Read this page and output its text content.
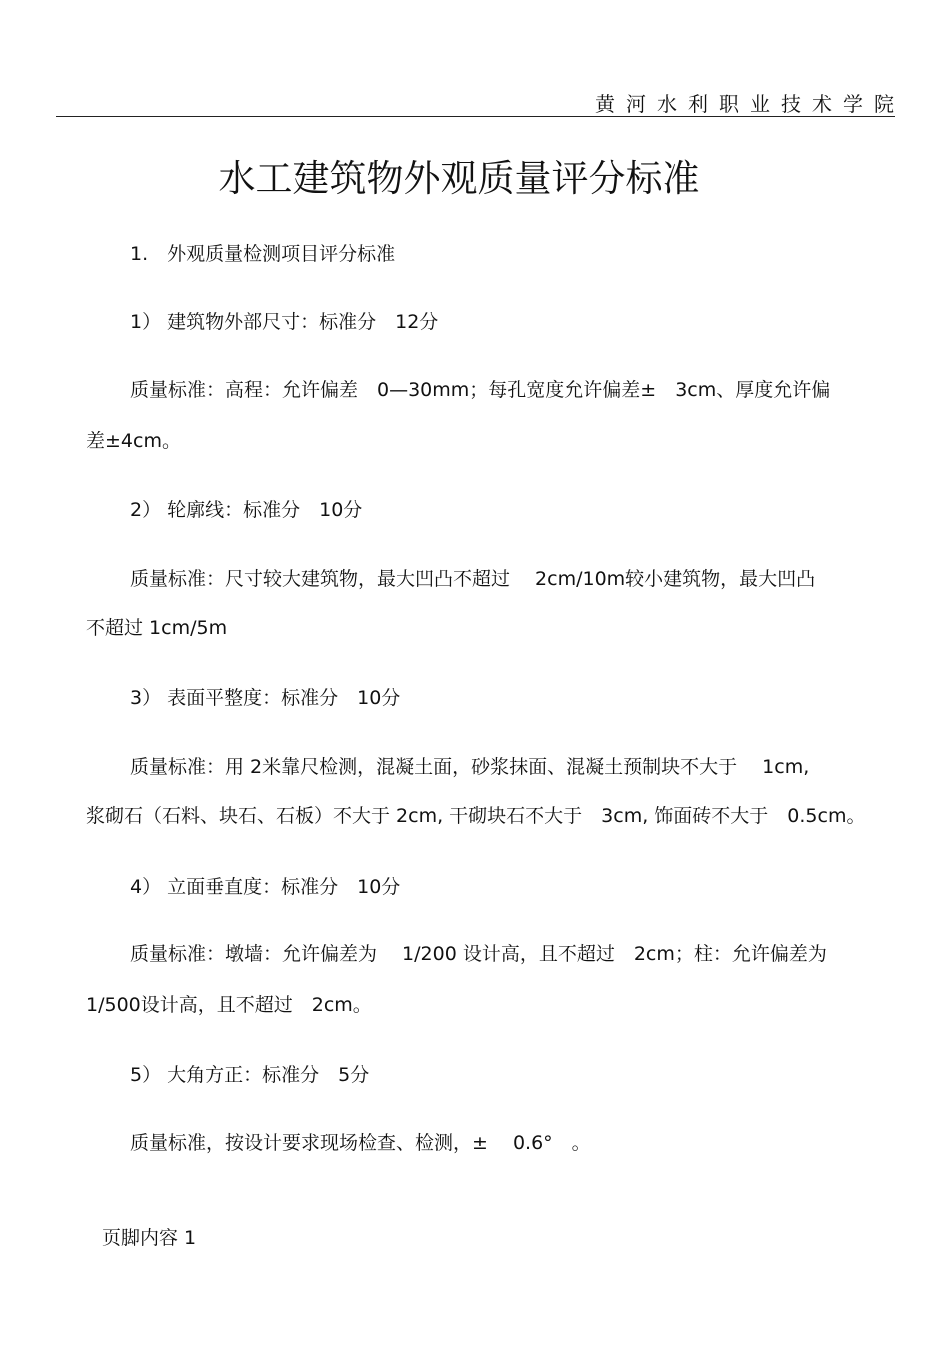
黄河水利职业技术学院
水工建筑物外观质量评分标准
1.　外观质量检测项目评分标准
1） 建筑物外部尺寸：标准分　12分
质量标准：高程：允许偏差　0—30mm；每孔宽度允许偏差±　3cm、厚度允许偏
差±4cm。
2） 轮廓线：标准分　10分
质量标准：尺寸较大建筑物，最大凹凸不超过　 2cm/10m较小建筑物，最大凹凸
不超过 1cm/5m
3） 表面平整度：标准分　10分
质量标准：用 2米靠尺检测，混凝土面，砂浆抹面、混凝土预制块不大于　 1cm,
浆砌石（石料、块石、石板）不大于 2cm, 干砌块石不大于　3cm, 饰面砖不大于　0.5cm。
4） 立面垂直度：标准分　10分
质量标准：墩墙：允许偏差为　 1/200 设计高，且不超过　2cm；柱：允许偏差为
1/500设计高，且不超过　2cm。
5） 大角方正：标准分　5分
质量标准，按设计要求现场检查、检测，±　 0.6°　。
页脚内容 1
